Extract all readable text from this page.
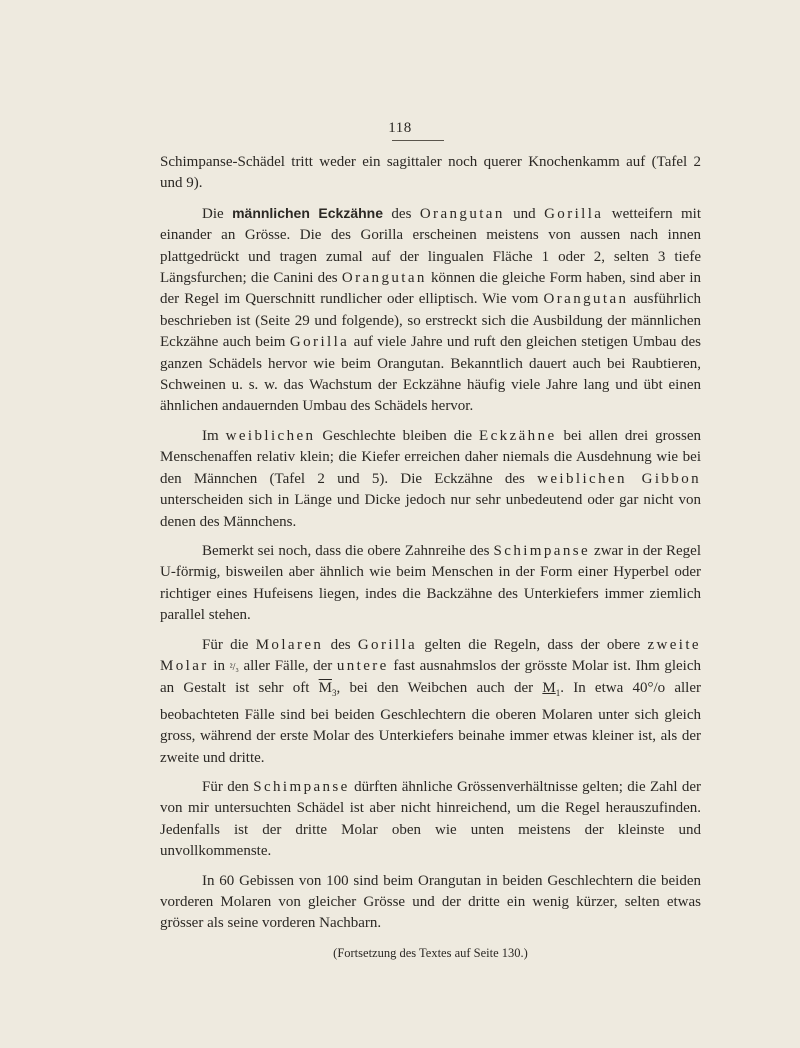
118

Schimpanse-Schädel tritt weder ein sagittaler noch querer Knochenkamm auf (Tafel 2 und 9).

Die männlichen Eckzähne des Orangutan und Gorilla wetteifern mit einander an Grösse. Die des Gorilla erscheinen meistens von aussen nach innen plattgedrückt und tragen zumal auf der lingualen Fläche 1 oder 2, selten 3 tiefe Längsfurchen; die Canini des Orangutan können die gleiche Form haben, sind aber in der Regel im Querschnitt rundlicher oder elliptisch. Wie vom Orangutan ausführlich beschrieben ist (Seite 29 und folgende), so erstreckt sich die Ausbildung der männlichen Eckzähne auch beim Gorilla auf viele Jahre und ruft den gleichen stetigen Umbau des ganzen Schädels hervor wie beim Orangutan. Bekanntlich dauert auch bei Raubtieren, Schweinen u. s. w. das Wachstum der Eckzähne häufig viele Jahre lang und übt einen ähnlichen andauernden Umbau des Schädels hervor.

Im weiblichen Geschlechte bleiben die Eckzähne bei allen drei grossen Menschenaffen relativ klein; die Kiefer erreichen daher niemals die Ausdehnung wie bei den Männchen (Tafel 2 und 5). Die Eckzähne des weiblichen Gibbon unterscheiden sich in Länge und Dicke jedoch nur sehr unbedeutend oder gar nicht von denen des Männchens.

Bemerkt sei noch, dass die obere Zahnreihe des Schimpanse zwar in der Regel U-förmig, bisweilen aber ähnlich wie beim Menschen in der Form einer Hyperbel oder richtiger eines Hufeisens liegen, indes die Backzähne des Unterkiefers immer ziemlich parallel stehen.

Für die Molaren des Gorilla gelten die Regeln, dass der obere zweite Molar in ²/₃ aller Fälle, der untere fast ausnahmslos der grösste Molar ist. Ihm gleich an Gestalt ist sehr oft $\overline{M}_3$, bei den Weibchen auch der $M_1$. In etwa 40°/o aller beobachteten Fälle sind bei beiden Geschlechtern die oberen Molaren unter sich gleich gross, während der erste Molar des Unterkiefers beinahe immer etwas kleiner ist, als der zweite und dritte.

Für den Schimpanse dürften ähnliche Grössenverhältnisse gelten; die Zahl der von mir untersuchten Schädel ist aber nicht hinreichend, um die Regel herauszufinden. Jedenfalls ist der dritte Molar oben wie unten meistens der kleinste und unvollkommenste.

In 60 Gebissen von 100 sind beim Orangutan in beiden Geschlechtern die beiden vorderen Molaren von gleicher Grösse und der dritte ein wenig kürzer, selten etwas grösser als seine vorderen Nachbarn.

(Fortsetzung des Textes auf Seite 130.)
